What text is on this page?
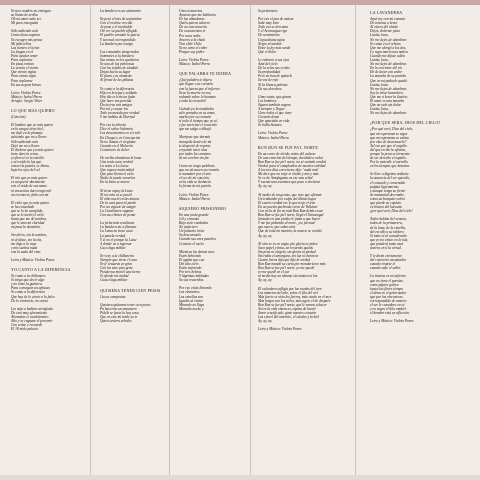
Yo tuve madres no entregan
su llanto de arriba
Oh mi amor sabe ser
Mi paso enseguida
Sólo sabiendo sola
Como dona esquina
Yo escogen mis penas
Mi falta tellos
Las tienten el tiento
La fragua en el
Para ayudar amor
Para soplarme
En pisas ventan
La vencía el viento
Que vtento vigías
Para vtento vigía
Para soplarme
En sus negras brisas
Letra: Violeta Parra
Música: Isabel Parra
Arreglo: Sergio Vitier
LO QUE MAS QUIERO
(Canción)
El hombre que yo más quiero
en la sangre tiene hiel,
me dejó en la plumaje
sabiendo que no a llover.
Sólo sabiendo sola
Dejó me no a llover.
El dichoso que yo más quiero
tiene duro la reina,
yo florecí en la estrella
y sé tenido la luz que
conocí la pasión, se llama,
baja los ojos del sol.
El ráo que yo más quiero
es un querer duramente
con el ruido de sus mano
ni encuentra duro tengo mil
mi reconocer, fado con mí.
El cielo que yo más quiero
se ha consolado
que se lo he cumplido,
que se le metió el cielo
hasta que me dé sombra,
que le amo mi claridad
mi pasa la desunión.
Sin alivio, sin la sombra,
ni al afase, sin la ola,
me digo a la raya
y mis sueños nada
con la nada del vino.
Letra y Música: Violeta Parra
YO CANTO A LA DIFERENCIA
Yo canto a la chillanera
Si tengo que decir algo
y no tomo la guitarra
Para conseguir un aplauso
Yo canto a la diferencia
Que hay de lo cierto a lo falso
De lo contrario, no canto.
Les mijo a habitar arreglada
De casi muy aforamiento
Alumnitas el cuadrúmetro
Alto y se engazar el porvenir
Con cedar y recuerdo
El 18 mide palacio
La bandera es un calamento
Ya pesó el mes de septiembre
Con el ocelote crecido
Ja pone y el inevitable
Oír ver su pueblo afligido
El pueblo atrando la patria
Y tan mal correspondido
La bandera por testigo
Los comandos inesperados
Sommetes a la bandera
Sus armas no les quedaron
Yo una de las pelotonas
Con los tejidos de sándalo
Dejan hacia su lugar
El pleno y tu alameda
Al frente de las piñatas
Yo canto a la diferencia
Hijo en la tripa y soldado
Hoy día es león un fiabo
Que hace voz porvida
Decía tras mis amigos
Por tal y cruzar los
Todo un mesida por verdad
Y me hablan de libertad
Por eso tu teboria
Dice el señor Salomón
Los descontentos en el cielo
En Chuqui y en Concepción
Ya no llamas el cieglame
Cuando en el Malecón
Centenario de dolor
De arriba abandona la loma
Una tenía unos verdad
La reina a La Luisa
Que espera maternidad
Que pisa lloran el cielo
Nadie la puede envuelar
En la loma se mueve
Ni tiene rapay la Luise
Ni mi avia ni se pariel
El niño nació en las manos
De la cual pareció pardo
Por un viguete de sangre
La Carabinera vaguine
Con sus ribetes de penar
La fecha más resaltante
La bandera me a flamear
La Luisa no tiene casa
La panela verdad
Y si no el porque la Luise
A donde va a regresar
Cuca laga militar
Yo vovy a la chillaneria
Siempre que viene el caso
Yo fé tesaarás en grito
Con los sino piso grise
Ponda ma moriel una tierra
Si ofende mi ciudad
Cuaca laga militar
QUISIERA TENER CIEN PESOS
Cueca campesina
Quisiera quitarme tener cien pesos
Pa hacerme un amansero
Pídéle se fuese la hoy casa
Que en este mi tarde yo te
Quien tuviera arboles
Unos trasuertos
Apuesto que me hablaron
En las almudenas
Quién quiera saberes
De un reaccionería
De ocasonentos sí
Por unos miles
Amores a la chula
Yiva chile Chile
Ya no temo el cobre
Porque soy pobre
Letra: Violeta Parra
Música: Isabel Parra
QUE PALABRA TE DIJERA
¡Qué palabra te dijera
que llegue a tu corazón
con la fuerza que el infierno
lleva la muerte su voz,
rodando sobre lo humano
y toda la creación!
Cuándo yo la modulaba
sólo pensaba en su amor,
mucho por su corazón
si todo el tiempo que yo sé,
y fue tan triste el recuerdo
que me salga o dibujó.
Maripose que dormía
tranquila dentro de mí
te despertó de repente
creyendo tener alas
por todos los caminos
de mi cerebro sin fin.
Como no tengo palabras
que no alcancen su corazón
te mandaré por el aire
el eco de mi canción,
en la vida se deshacía
la forma de mi pasión.
Letra: Violeta Parra
Música: Isabel Parra
SIQUIERO PRISIONERO
En una jaula grande
Gil y comento
Bajo siete candados
No justiciero
Un palacito triste
Su desconsuelo
Cuando sus aves paseben
Centarte el vuelo
Mientras las demás aves
Estén bebiendo
El agüita que cae
Del alto cielo
Estén sufriendo
Por tres hebras
Y lágrimas habladas
Su sus recuerdos.
Por eso están llorando
Los elementos
Las estrellas son
Iguales al viento
Mirando no llega
Mirando noche y
Su prisionero.
Por eso el pan de azúcar
Sabe muy bien
Todo eso se derrama
Y el Aconcagua rige
De sentimiento
Copacabana agita
Negro al tambor
Entre la fey más sorda
Qué el dolor
Le robaron a sus ojos
Azul del cielo
De la selva sus verdes
Su profundidad
Pero no han de quitarle
Su voz de rojo
Ni la blanca paloma
De sus derechos.
Gime santo, que gimen
Los hombres
Siguen también negros
A siempre y llegue
Llore todos el que tiene
Corazón donte
Que apariaba en vida
Se halla Sizuaro.
Letra: Violeta Parra
Música: Isabel Parra
RUN RUN SE FUE PA'L NORTE
En un carro de olvido, antes del aclarar
De una estación del tiempo, decidido a rodar
Run Run se fue pa'l norte, no sé cuándo vendrá
Vendrá para el cumpleaños de nuestra soledad
A los tres días carreta me dijo: 'nada más'
Me dice que no traje te olvido y mis y más
Se ve de Antofagasta en ese una señal
Y cuenta una aventura que paso a declarar
Ay, ay, ay.
Al medio de un geniso, que tuve que afirmar
Un trabumbo por culpa del último lugar
El cuarto verdad ese lo que traje el tren
En un puesto quebrado cerca de Vallenar
Con tecla de fin no más Run Run debía cesar
Run Run se fue pa'l norte, llegó el Tamarugal
Sentado en una piedra le pinta a que hacer
Y me fue pidiendo al norte, ¡no fui mas!
que nuevo, que sabes más
Que de toda mi montón, la muerte se vendió
Ay, ay, ay.
Al otro se es en urgía, pio gloria se pidea
Saco papel y tinta, un recuerdo quizás
Sin pena ni alegría, sin gloria ni piedad
Sin rabia el amargura, sin luz ni clarinete
Cuatro letras dijo qui dijo la verdad
Run Run mandó su carta por mandaría no más
Run Run se fue pa'l norte, yo me quedé
yo me quedé en el sur
al medio hay un abismo sin música ni luz
Ay, ay, ay.
El calendario afligía por las ruedas del tren
Los números del año, sobre el filo del riel
Más fuerte se oían los fierros, más rueda en el mes
Más largos son los rieles, más agrio el de después
Run Run se fue pa'l norte, qué le vamos a hacer
Así es la vida entonces, espina de laurel
Amor crucificado, gime nuestro corazón
Las cárcel del martirio, el súcubo y la hiel
Ay, ay, ay.
Letra y Música: Violeta Parra
LA LAVANDERA
Aquí voy con mi canasto
De trizezas a lavar
Al estero del olvido
Dejos, dolerme pisar
Lunita, luna,
No me dejes de alumbrar.
Yo canto en el rebozo
Que me abrigó a las dos,
Lo regocinario una nativa
Cuando me dijiste adiós
Lunita, luna,
No me dejes de alumbrar.
En la corriente del río
He de lavar con ardor
La mancha de su partida
Que en mi pañuelo quedó.
Lunita, luna,
No me dejes de alumbrar.
Soy la triste lavandera
Que me a lavar la ilusión;
El amor es una mancha
Que no sale sin dolor.
Lunita, luna,
No me dejes de alumbrar.
¿POR QUE SERA, DIOS DEL CIELO?
¿Por qué será, Dios del cielo,
que mi esperanza se sigue
que mi esperanza se calma
por olas de desconsuelo?
Tal vez por que el orgullo
del que recibe la afrenta,
porque la pena se tormenta
de ser derecho el zapallo.
Por la metrulle el zarrullo
en los tiempos que lamenta.
Se llore a lágrima ardiente
la ausencia del ser querido,
el consuelo y consentido
palpita ligeramente;
y aunque tenga su frente
de manantial derrumbe,
como un barquito velero
que pierde su capitán
en brazos del huracán
¡por qué será, Dios del cielo!
Todos hablan del veneno,
todos de la primavera,
de la luna, de la estrella,
del escollo a su tablero;
Si tomo el al considerado
que yo no existo en la isla,
que ponderá tanto azul
tuviera en ti la virtud.
Y te dirán ciertamente
del concierto encantador
cuando respete el
cuando sabe el señor.
La tristeza es un infierno
que no tiene el paraíso
como pájaro goloso
busca las flores tiempo
el alma en el gobernador
que por las rinconeras
correspondido de amores
el ser le considero en sé
y en negro el hilo amdrel
el hombre está en aflicción.
Letra y Música: Violeta Parra
